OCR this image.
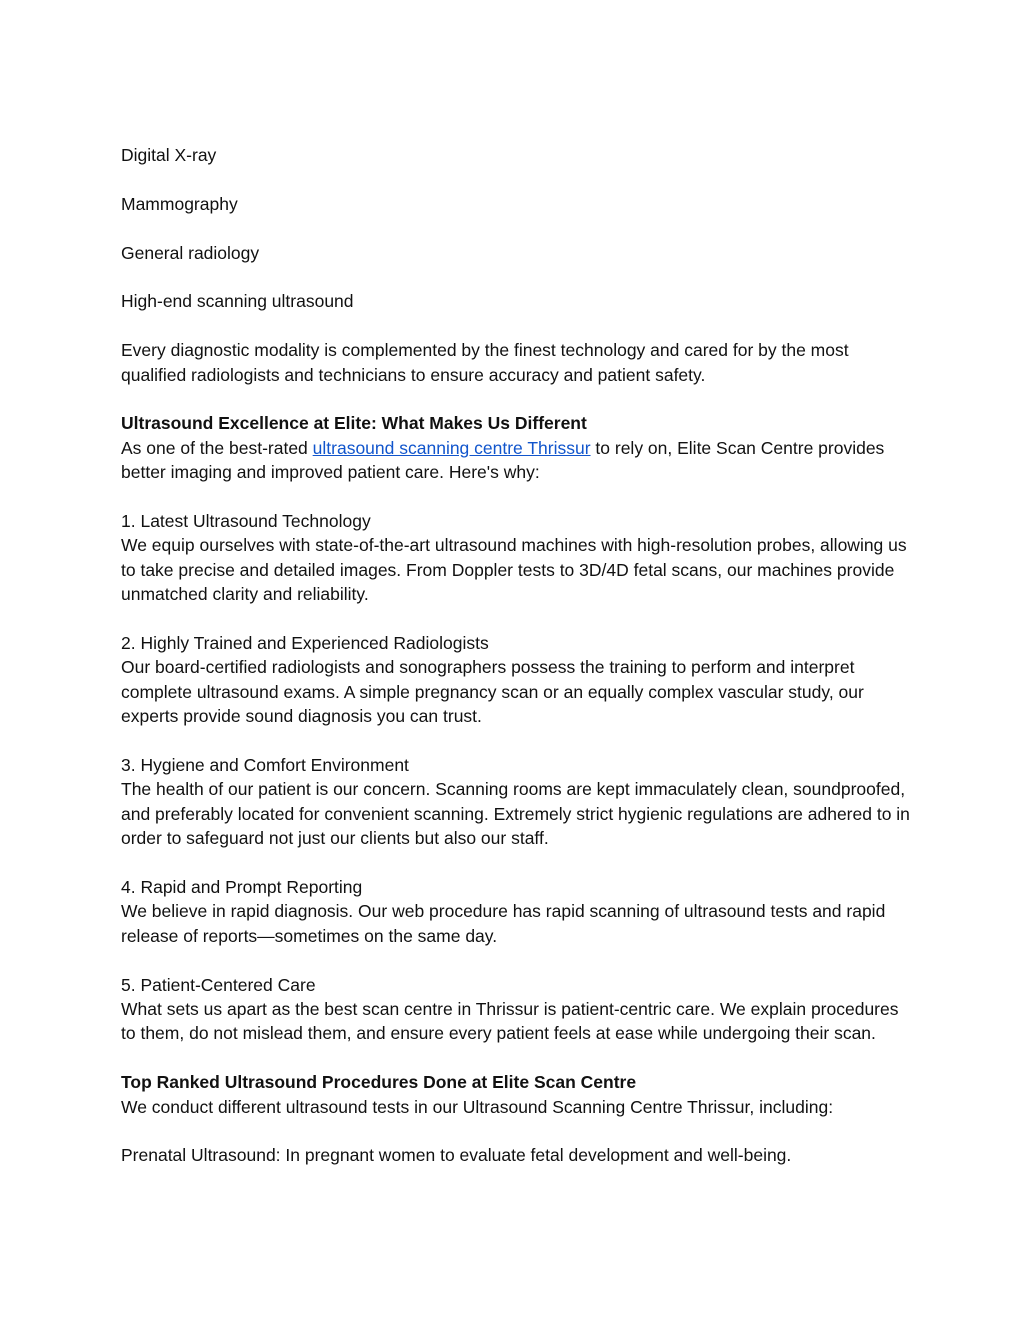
Digital X-ray

Mammography

General radiology

High-end scanning ultrasound

Every diagnostic modality is complemented by the finest technology and cared for by the most qualified radiologists and technicians to ensure accuracy and patient safety.

Ultrasound Excellence at Elite: What Makes Us Different

As one of the best-rated ultrasound scanning centre Thrissur to rely on, Elite Scan Centre provides better imaging and improved patient care. Here's why:

1. Latest Ultrasound Technology

We equip ourselves with state-of-the-art ultrasound machines with high-resolution probes, allowing us to take precise and detailed images. From Doppler tests to 3D/4D fetal scans, our machines provide unmatched clarity and reliability.

2. Highly Trained and Experienced Radiologists

Our board-certified radiologists and sonographers possess the training to perform and interpret complete ultrasound exams. A simple pregnancy scan or an equally complex vascular study, our experts provide sound diagnosis you can trust.

3. Hygiene and Comfort Environment

The health of our patient is our concern. Scanning rooms are kept immaculately clean, soundproofed, and preferably located for convenient scanning. Extremely strict hygienic regulations are adhered to in order to safeguard not just our clients but also our staff.

4. Rapid and Prompt Reporting

We believe in rapid diagnosis. Our web procedure has rapid scanning of ultrasound tests and rapid release of reports—sometimes on the same day.

5. Patient-Centered Care

What sets us apart as the best scan centre in Thrissur is patient-centric care. We explain procedures to them, do not mislead them, and ensure every patient feels at ease while undergoing their scan.

Top Ranked Ultrasound Procedures Done at Elite Scan Centre

We conduct different ultrasound tests in our Ultrasound Scanning Centre Thrissur, including:

Prenatal Ultrasound: In pregnant women to evaluate fetal development and well-being.
